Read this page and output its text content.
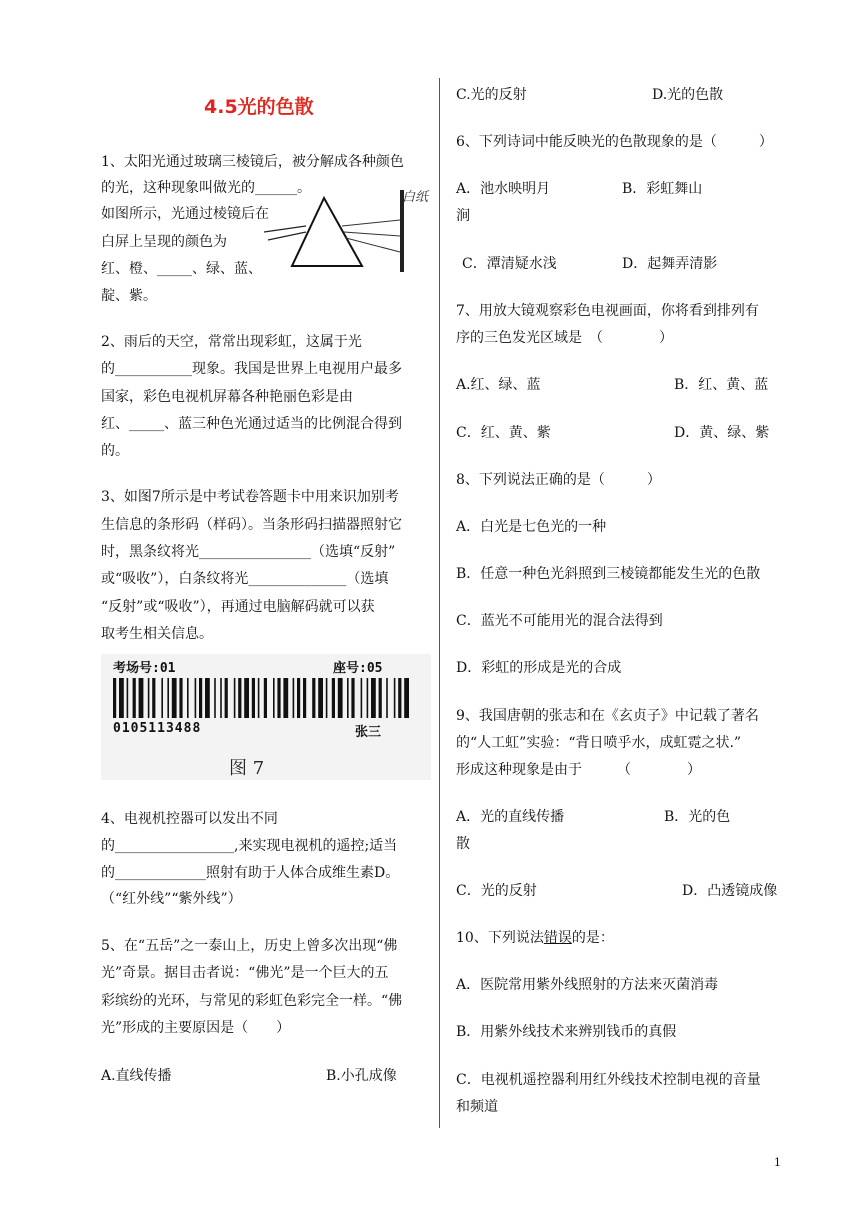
4.5光的色散
1、太阳光通过玻璃三棱镜后，被分解成各种颜色
的光，这种现象叫做光的______。
如图所示，光通过棱镜后在
白屏上呈现的颜色为
红、橙、_____、绿、蓝、
靛、紫。
白纸
2、雨后的天空，常常出现彩虹，这属于光
的___________现象。我国是世界上电视用户最多
国家，彩色电视机屏幕各种艳丽色彩是由
红、_____、蓝三种色光通过适当的比例混合得到
的。
3、如图7所示是中考试卷答题卡中用来识加别考
生信息的条形码（样码）。当条形码扫描器照射它
时，黑条纹将光________________（选填“反射”
或“吸收”），白条纹将光______________（选填
“反射”或“吸收”），再通过电脑解码就可以获
取考生相关信息。
考场号:01	座号:05
0105113488	张三
图 7
4、电视机控器可以发出不同
的_________________,来实现电视机的遥控;适当
的_____________照射有助于人体合成维生素D。
（“红外线”“紫外线”）
5、在“五岳”之一泰山上，历史上曾多次出现“佛
光”奇景。据目击者说：“佛光”是一个巨大的五
彩缤纷的光环，与常见的彩虹色彩完全一样。“佛
光”形成的主要原因是（　　）
A.直线传播	B.小孔成像
C.光的反射	D.光的色散
6、下列诗词中能反映光的色散现象的是（　　　）
A．池水映明月	B．彩虹舞山
涧
C．潭清疑水浅	D．起舞弄清影
7、用放大镜观察彩色电视画面，你将看到排列有
序的三色发光区域是　（　　　　）
A.红、绿、蓝	B．红、黄、蓝
C．红、黄、紫	D．黄、绿、紫
8、下列说法正确的是（　　　）
A．白光是七色光的一种
B．任意一种色光斜照到三棱镜都能发生光的色散
C．蓝光不可能用光的混合法得到
D．彩虹的形成是光的合成
9、我国唐朝的张志和在《玄贞子》中记载了著名
的“人工虹”实验：“背日喷乎水，成虹霓之状.”
形成这种现象是由于　　　（　　　　）
A．光的直线传播	B．光的色
散
C．光的反射	D．凸透镜成像
10、下列说法错误的是：
A．医院常用紫外线照射的方法来灭菌消毒
B．用紫外线技术来辨别钱币的真假
C．电视机遥控器利用红外线技术控制电视的音量
和频道
1
